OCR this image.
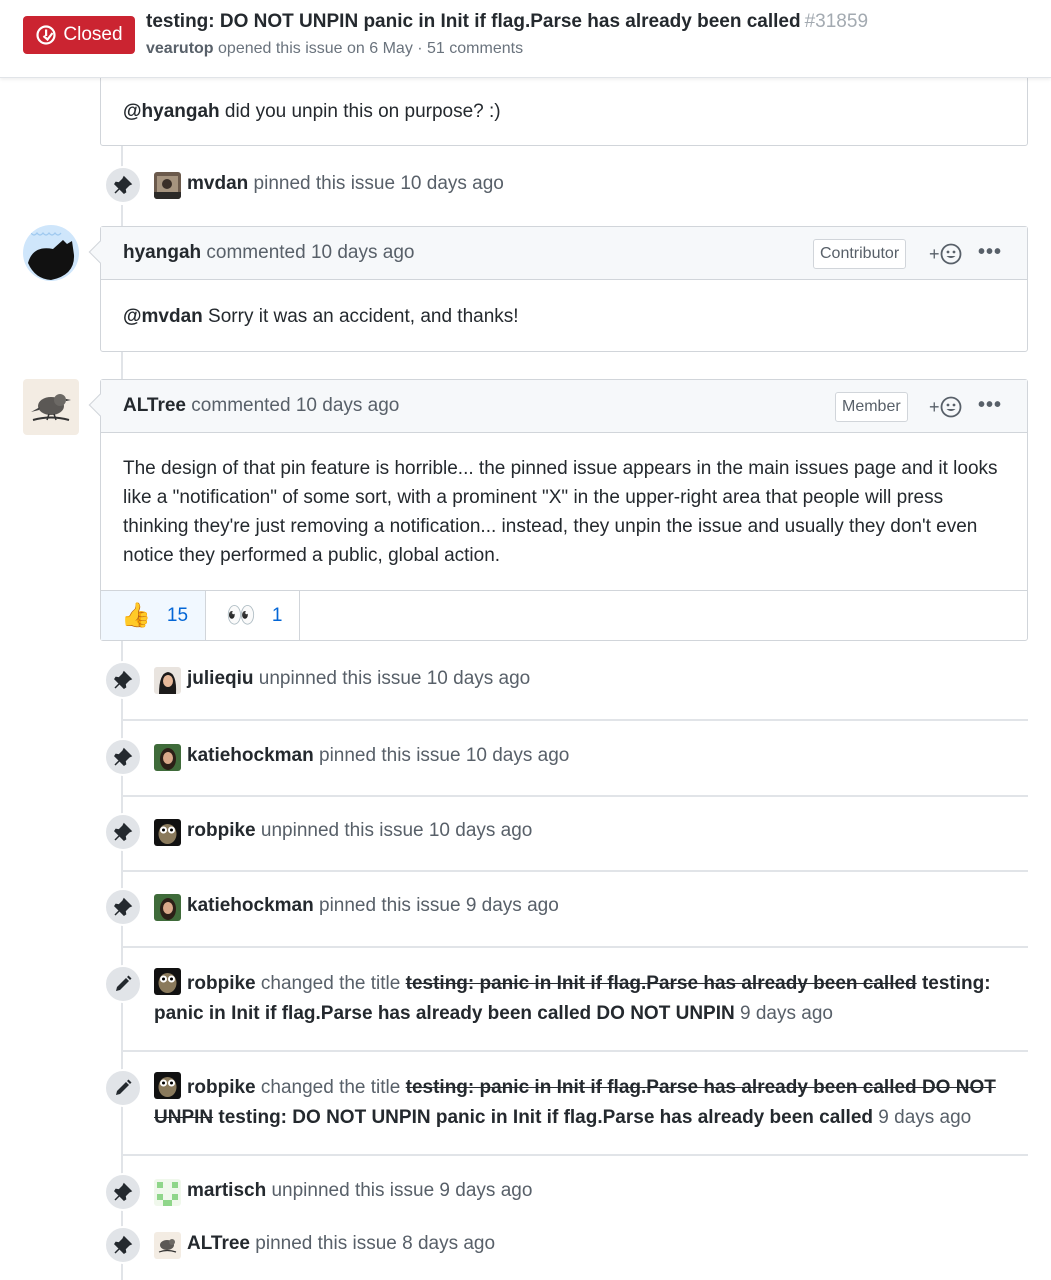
Closed
testing: DO NOT UNPIN panic in Init if flag.Parse has already been called #31859
vearutop opened this issue on 6 May · 51 comments
@hyangah did you unpin this on purpose? :)
mvdan pinned this issue 10 days ago
hyangah commented 10 days ago	Contributor	+	•••
@mvdan Sorry it was an accident, and thanks!
ALTree commented 10 days ago	Member	+	•••
The design of that pin feature is horrible... the pinned issue appears in the main issues page and it looks like a "notification" of some sort, with a prominent "X" in the upper-right area that people will press thinking they're just removing a notification... instead, they unpin the issue and usually they don't even notice they performed a public, global action.
👍 15 👀 1
julieqiu unpinned this issue 10 days ago
katiehockman pinned this issue 10 days ago
robpike unpinned this issue 10 days ago
katiehockman pinned this issue 9 days ago
robpike changed the title testing: panic in Init if flag.Parse has already been called testing: panic in Init if flag.Parse has already been called DO NOT UNPIN 9 days ago
robpike changed the title testing: panic in Init if flag.Parse has already been called DO NOT UNPIN testing: DO NOT UNPIN panic in Init if flag.Parse has already been called 9 days ago
martisch unpinned this issue 9 days ago
ALTree pinned this issue 8 days ago
